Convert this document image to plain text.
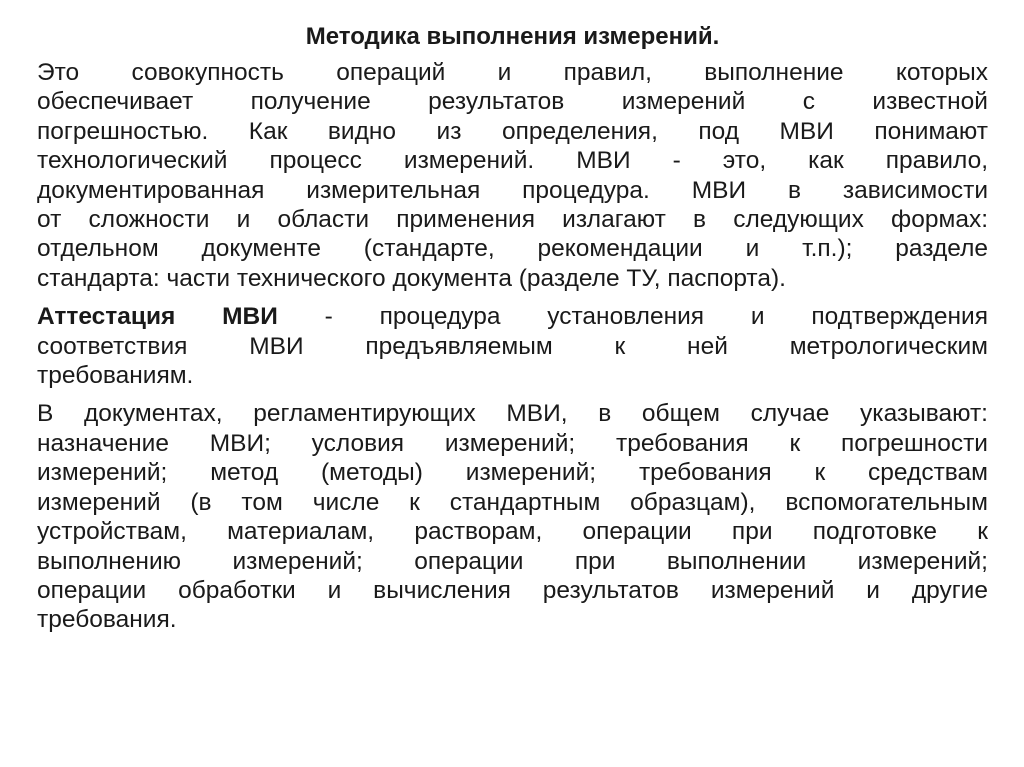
Методика выполнения измерений.
Это совокупность операций и правил, выполнение которых
обеспечивает получение результатов измерений с известной
погрешностью. Как видно из определения, под МВИ понимают
технологический процесс измерений. МВИ - это, как правило,
документированная измерительная процедура. МВИ в зависимости
от сложности и области применения излагают в следующих формах:
отдельном документе (стандарте, рекомендации и т.п.); разделе
стандарта: части технического документа (разделе ТУ, паспорта).
Аттестация МВИ - процедура установления и подтверждения
соответствия МВИ предъявляемым к ней метрологическим
требованиям.
В документах, регламентирующих МВИ, в общем случае указывают:
назначение МВИ; условия измерений; требования к погрешности
измерений; метод (методы) измерений; требования к средствам
измерений (в том числе к стандартным образцам), вспомогательным
устройствам, материалам, растворам, операции при подготовке к
выполнению измерений; операции при выполнении измерений;
операции обработки и вычисления результатов измерений и другие
требования.
